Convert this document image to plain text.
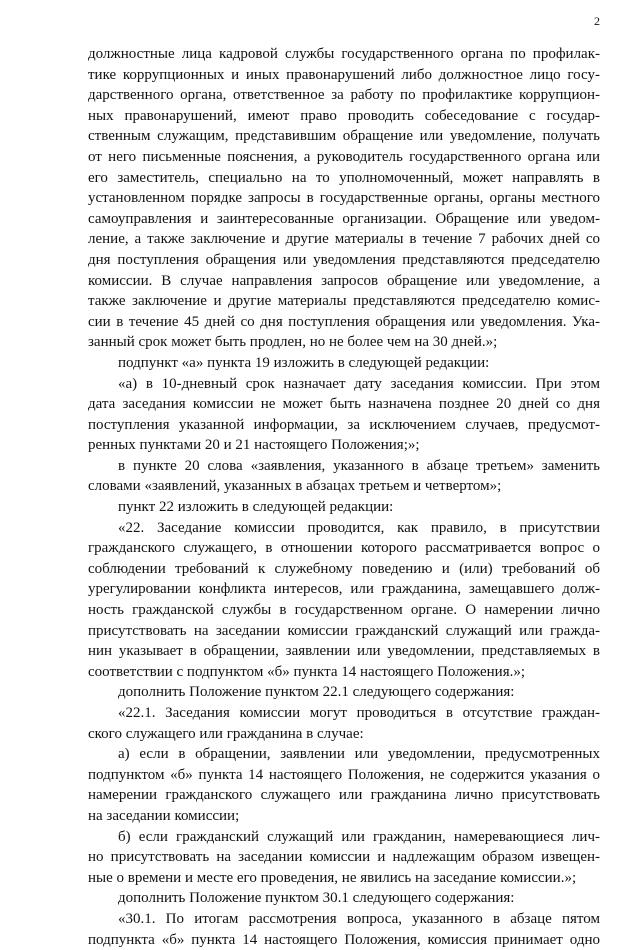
2
должностные лица кадровой службы государственного органа по профилак-
тике коррупционных и иных правонарушений либо должностное лицо госу-
дарственного органа, ответственное за работу по профилактике коррупцион-
ных правонарушений, имеют право проводить собеседование с государ-
ственным служащим, представившим обращение или уведомление, получать
от него письменные пояснения, а руководитель государственного органа или
его заместитель, специально на то уполномоченный, может направлять в
установленном порядке запросы в государственные органы, органы местного
самоуправления и заинтересованные организации. Обращение или уведом-
ление, а также заключение и другие материалы в течение 7 рабочих дней со
дня поступления обращения или уведомления представляются председателю
комиссии. В случае направления запросов обращение или уведомление, а
также заключение и другие материалы представляются председателю комис-
сии в течение 45 дней со дня поступления обращения или уведомления. Ука-
занный срок может быть продлен, но не более чем на 30 дней.»;
подпункт «а» пункта 19 изложить в следующей редакции:
«а) в 10-дневный срок назначает дату заседания комиссии. При этом
дата заседания комиссии не может быть назначена позднее 20 дней со дня
поступления указанной информации, за исключением случаев, предусмот-
ренных пунктами 20 и 21 настоящего Положения;»;
в пункте 20 слова «заявления, указанного в абзаце третьем» заменить
словами «заявлений, указанных в абзацах третьем и четвертом»;
пункт 22 изложить в следующей редакции:
«22. Заседание комиссии проводится, как правило, в присутствии
гражданского служащего, в отношении которого рассматривается вопрос о
соблюдении требований к служебному поведению и (или) требований об
урегулировании конфликта интересов, или гражданина, замещавшего долж-
ность гражданской службы в государственном органе. О намерении лично
присутствовать на заседании комиссии гражданский служащий или гражда-
нин указывает в обращении, заявлении или уведомлении, представляемых в
соответствии с подпунктом «б» пункта 14 настоящего Положения.»;
дополнить Положение пунктом 22.1 следующего содержания:
«22.1. Заседания комиссии могут проводиться в отсутствие граждан-
ского служащего или гражданина в случае:
а) если в обращении, заявлении или уведомлении, предусмотренных
подпунктом «б» пункта 14 настоящего Положения, не содержится указания о
намерении гражданского служащего или гражданина лично присутствовать
на заседании комиссии;
б) если гражданский служащий или гражданин, намеревающиеся лич-
но присутствовать на заседании комиссии и надлежащим образом извещен-
ные о времени и месте его проведения, не явились на заседание комиссии.»;
дополнить Положение пунктом 30.1 следующего содержания:
«30.1. По итогам рассмотрения вопроса, указанного в абзаце пятом
подпункта «б» пункта 14 настоящего Положения, комиссия принимает одно
